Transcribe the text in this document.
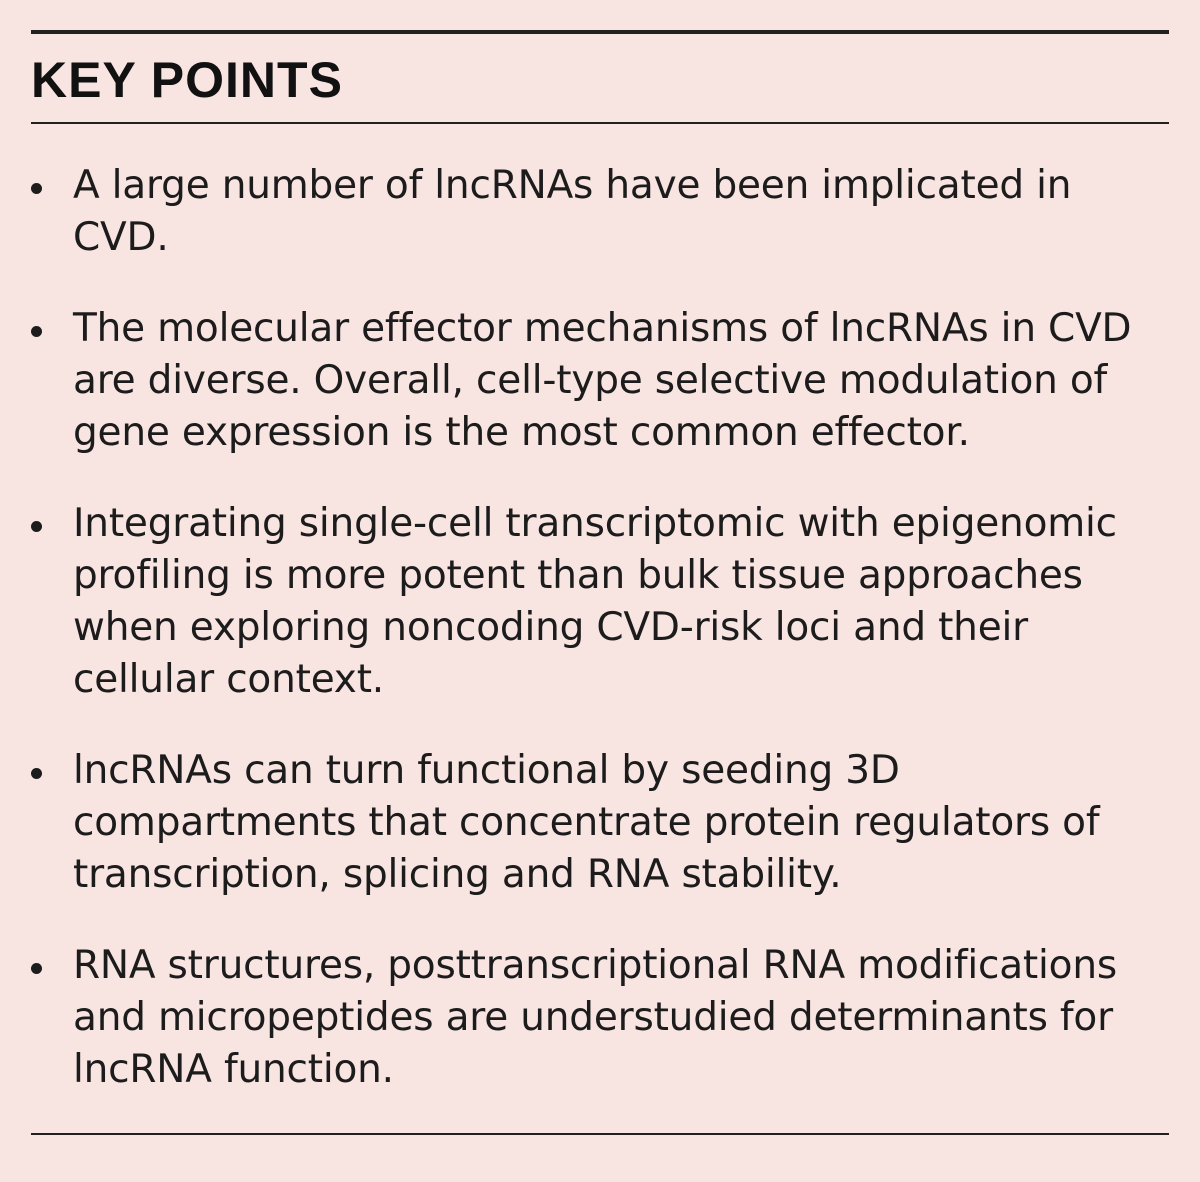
KEY POINTS
A large number of lncRNAs have been implicated in CVD.
The molecular effector mechanisms of lncRNAs in CVD are diverse. Overall, cell-type selective modulation of gene expression is the most common effector.
Integrating single-cell transcriptomic with epigenomic profiling is more potent than bulk tissue approaches when exploring noncoding CVD-risk loci and their cellular context.
lncRNAs can turn functional by seeding 3D compartments that concentrate protein regulators of transcription, splicing and RNA stability.
RNA structures, posttranscriptional RNA modifications and micropeptides are understudied determinants for lncRNA function.
